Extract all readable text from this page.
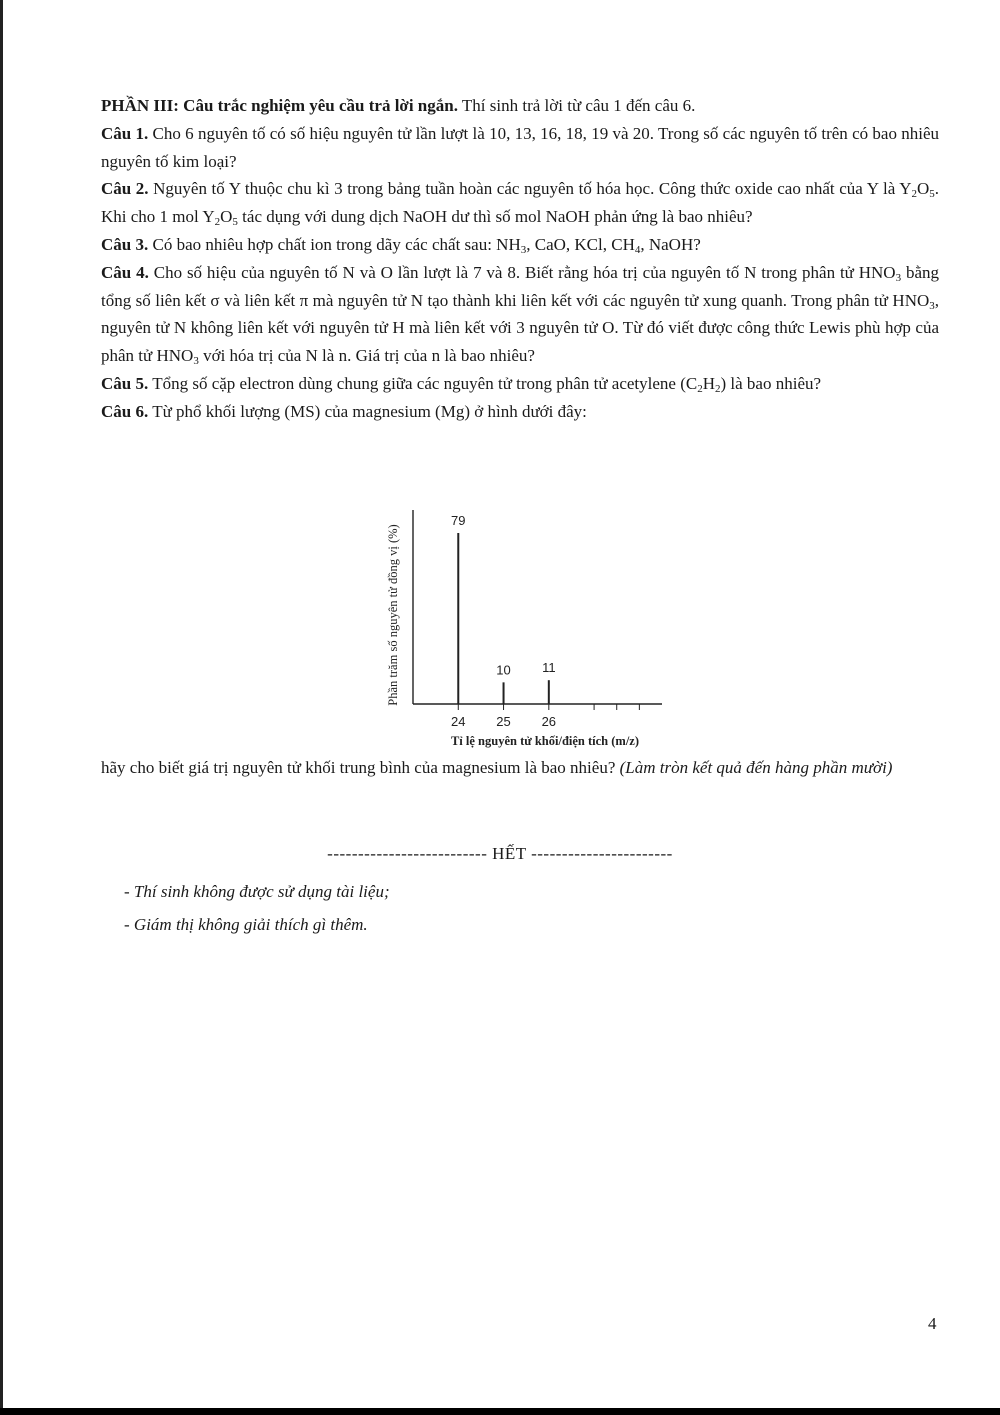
PHẦN III: Câu trắc nghiệm yêu cầu trả lời ngắn. Thí sinh trả lời từ câu 1 đến câu 6.

Câu 1. Cho 6 nguyên tố có số hiệu nguyên tử lần lượt là 10, 13, 16, 18, 19 và 20. Trong số các nguyên tố trên có bao nhiêu nguyên tố kim loại?

Câu 2. Nguyên tố Y thuộc chu kì 3 trong bảng tuần hoàn các nguyên tố hóa học. Công thức oxide cao nhất của Y là $Y_2O_5$. Khi cho 1 mol $Y_2O_5$ tác dụng với dung dịch NaOH dư thì số mol NaOH phản ứng là bao nhiêu?

Câu 3. Có bao nhiêu hợp chất ion trong dãy các chất sau: $NH_3$, CaO, KCl, $CH_4$, NaOH?

Câu 4. Cho số hiệu của nguyên tố N và O lần lượt là 7 và 8. Biết rằng hóa trị của nguyên tố N trong phân tử $HNO_3$ bằng tổng số liên kết σ và liên kết π mà nguyên tử N tạo thành khi liên kết với các nguyên tử xung quanh. Trong phân tử $HNO_3$, nguyên tử N không liên kết với nguyên tử H mà liên kết với 3 nguyên tử O. Từ đó viết được công thức Lewis phù hợp của phân tử $HNO_3$ với hóa trị của N là n. Giá trị của n là bao nhiêu?

Câu 5. Tổng số cặp electron dùng chung giữa các nguyên tử trong phân tử acetylene $(C_2H_2)$ là bao nhiêu?

Câu 6. Từ phổ khối lượng (MS) của magnesium (Mg) ở hình dưới đây:

79
24
10
25
11
26
Phần trăm số nguyên tử đồng vị (%)
Tỉ lệ nguyên tử khối/điện tích (m/z)
hãy cho biết giá trị nguyên tử khối trung bình của magnesium là bao nhiêu? (Làm tròn kết quả đến hàng phần mười)
-------------------------- HẾT -----------------------
- Thí sinh không được sử dụng tài liệu;
- Giám thị không giải thích gì thêm.
4
